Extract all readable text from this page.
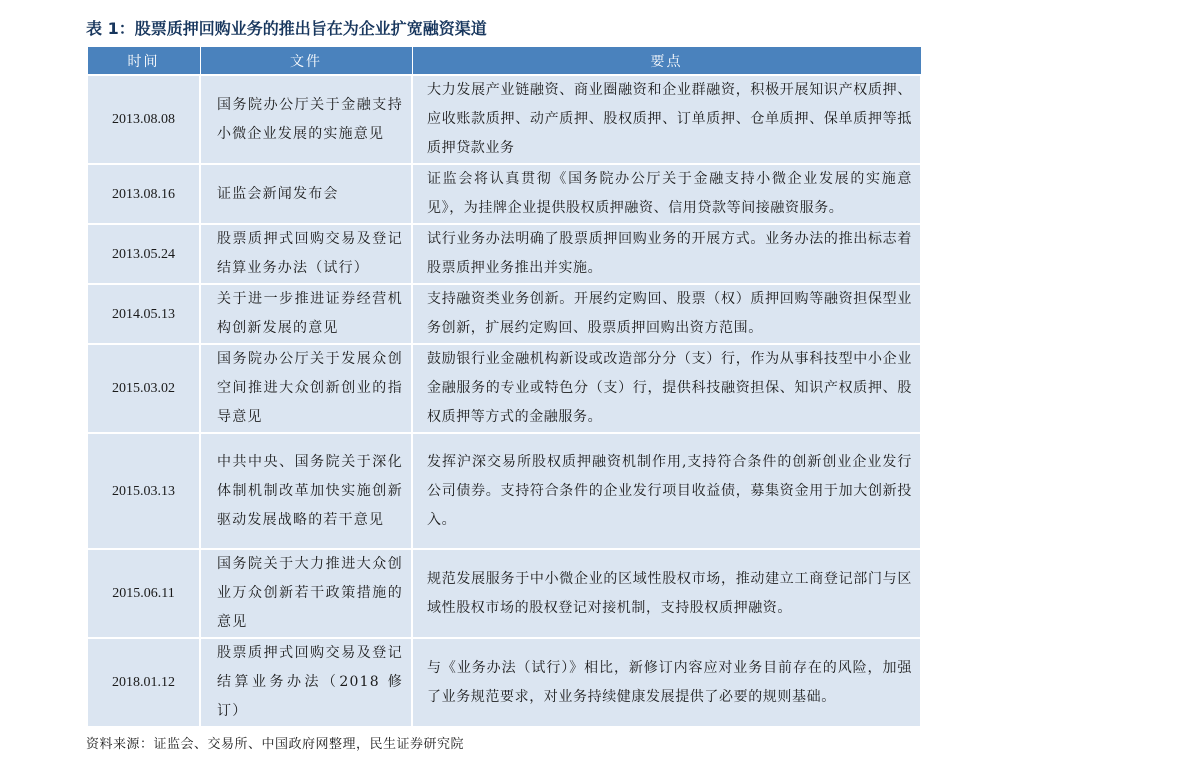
表 1：股票质押回购业务的推出旨在为企业扩宽融资渠道
时间	文件	要点
2013.08.08	国务院办公厅关于金融支持小微企业发展的实施意见	大力发展产业链融资、商业圈融资和企业群融资，积极开展知识产权质押、应收账款质押、动产质押、股权质押、订单质押、仓单质押、保单质押等抵质押贷款业务
2013.08.16	证监会新闻发布会	证监会将认真贯彻《国务院办公厅关于金融支持小微企业发展的实施意见》，为挂牌企业提供股权质押融资、信用贷款等间接融资服务。
2013.05.24	股票质押式回购交易及登记结算业务办法（试行）	试行业务办法明确了股票质押回购业务的开展方式。业务办法的推出标志着股票质押业务推出并实施。
2014.05.13	关于进一步推进证券经营机构创新发展的意见	支持融资类业务创新。开展约定购回、股票（权）质押回购等融资担保型业务创新，扩展约定购回、股票质押回购出资方范围。
2015.03.02	国务院办公厅关于发展众创空间推进大众创新创业的指导意见	鼓励银行业金融机构新设或改造部分分（支）行，作为从事科技型中小企业金融服务的专业或特色分（支）行，提供科技融资担保、知识产权质押、股权质押等方式的金融服务。
2015.03.13	中共中央、国务院关于深化体制机制改革加快实施创新驱动发展战略的若干意见	发挥沪深交易所股权质押融资机制作用,支持符合条件的创新创业企业发行公司债券。支持符合条件的企业发行项目收益债，募集资金用于加大创新投入。
2015.06.11	国务院关于大力推进大众创业万众创新若干政策措施的意见	规范发展服务于中小微企业的区域性股权市场，推动建立工商登记部门与区域性股权市场的股权登记对接机制，支持股权质押融资。
2018.01.12	股票质押式回购交易及登记结算业务办法（2018 修订）	与《业务办法（试行）》相比，新修订内容应对业务目前存在的风险，加强了业务规范要求，对业务持续健康发展提供了必要的规则基础。
资料来源：证监会、交易所、中国政府网整理，民生证券研究院
